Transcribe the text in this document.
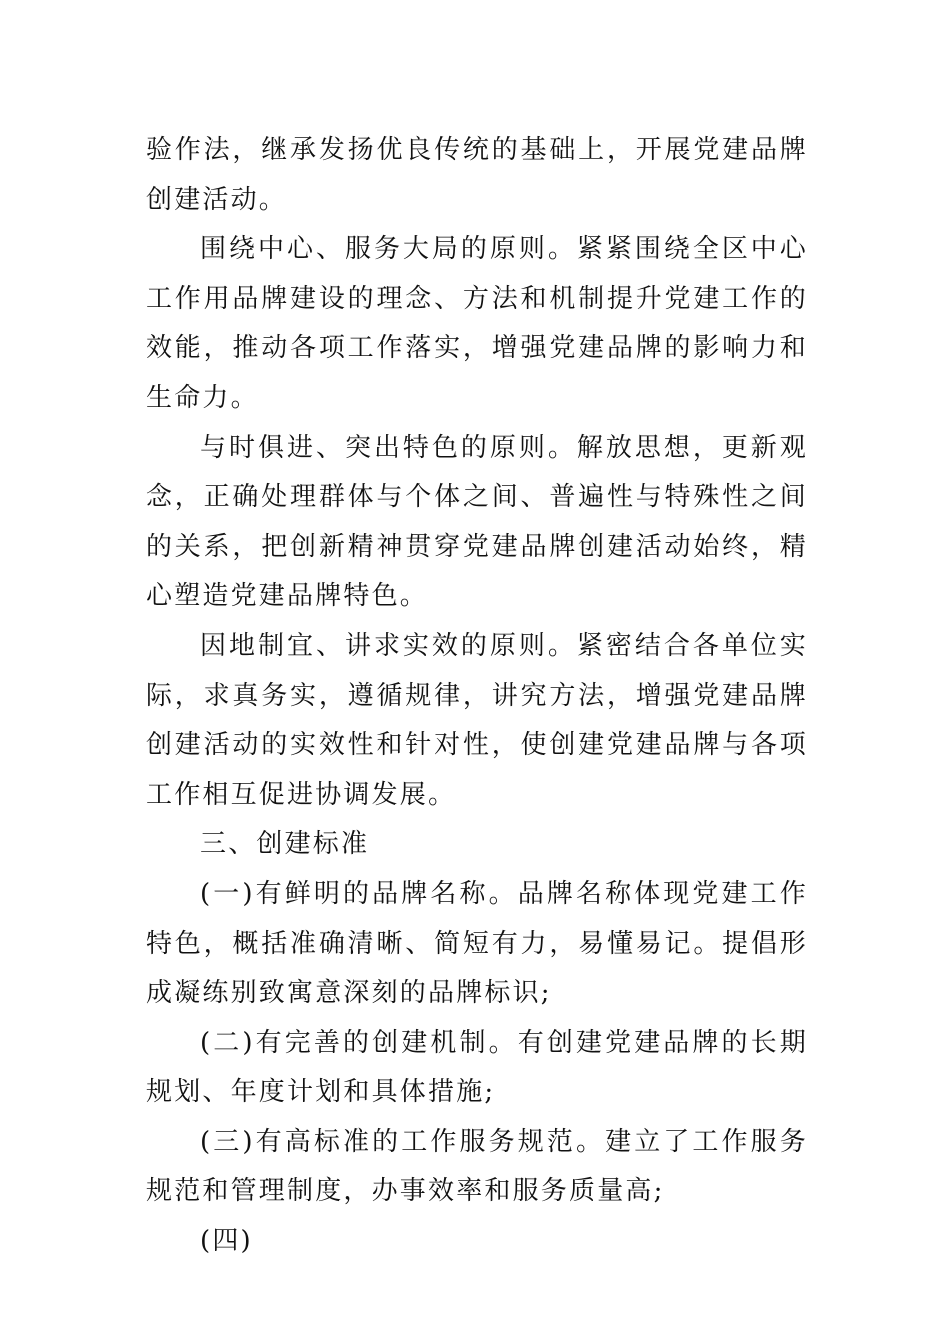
验作法，继承发扬优良传统的基础上，开展党建品牌创建活动。

围绕中心、服务大局的原则。紧紧围绕全区中心工作用品牌建设的理念、方法和机制提升党建工作的效能，推动各项工作落实，增强党建品牌的影响力和生命力。

与时俱进、突出特色的原则。解放思想，更新观念，正确处理群体与个体之间、普遍性与特殊性之间的关系，把创新精神贯穿党建品牌创建活动始终，精心塑造党建品牌特色。

因地制宜、讲求实效的原则。紧密结合各单位实际，求真务实，遵循规律，讲究方法，增强党建品牌创建活动的实效性和针对性，使创建党建品牌与各项工作相互促进协调发展。

三、创建标准

(一)有鲜明的品牌名称。品牌名称体现党建工作特色，概括准确清晰、简短有力，易懂易记。提倡形成凝练别致寓意深刻的品牌标识;

(二)有完善的创建机制。有创建党建品牌的长期规划、年度计划和具体措施;

(三)有高标准的工作服务规范。建立了工作服务规范和管理制度，办事效率和服务质量高;

(四)
